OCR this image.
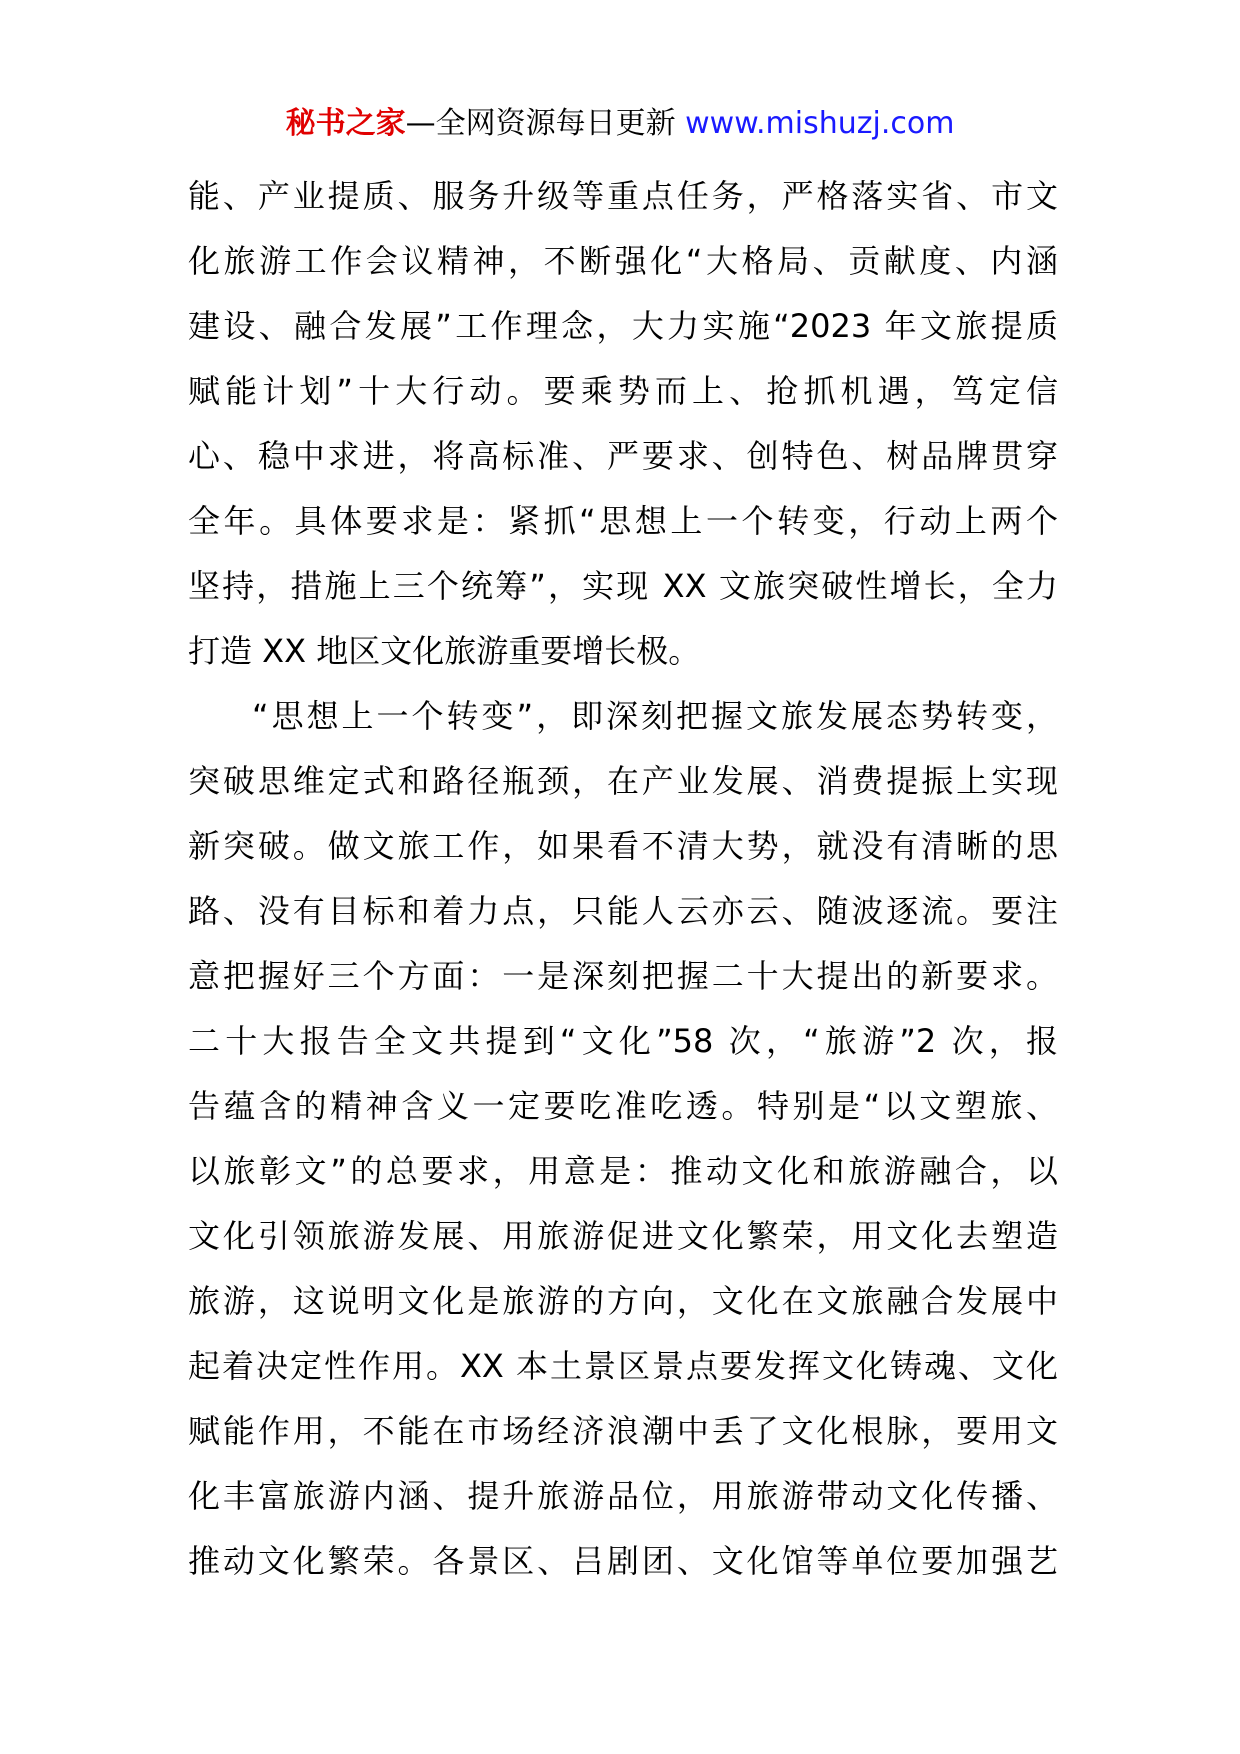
秘书之家—全网资源每日更新 www.mishuzj.com
能、产业提质、服务升级等重点任务，严格落实省、市文
化旅游工作会议精神，不断强化“大格局、贡献度、内涵
建设、融合发展”工作理念，大力实施“2023 年文旅提质
赋能计划”十大行动。要乘势而上、抢抓机遇，笃定信
心、稳中求进，将高标准、严要求、创特色、树品牌贯穿
全年。具体要求是：紧抓“思想上一个转变，行动上两个
坚持，措施上三个统筹”，实现 XX 文旅突破性增长，全力
打造 XX 地区文化旅游重要增长极。
“思想上一个转变”，即深刻把握文旅发展态势转变，
突破思维定式和路径瓶颈，在产业发展、消费提振上实现
新突破。做文旅工作，如果看不清大势，就没有清晰的思
路、没有目标和着力点，只能人云亦云、随波逐流。要注
意把握好三个方面：一是深刻把握二十大提出的新要求。
二十大报告全文共提到“文化”58 次，“旅游”2 次，报
告蕴含的精神含义一定要吃准吃透。特别是“以文塑旅、
以旅彰文”的总要求，用意是：推动文化和旅游融合，以
文化引领旅游发展、用旅游促进文化繁荣，用文化去塑造
旅游，这说明文化是旅游的方向，文化在文旅融合发展中
起着决定性作用。XX 本土景区景点要发挥文化铸魂、文化
赋能作用，不能在市场经济浪潮中丢了文化根脉，要用文
化丰富旅游内涵、提升旅游品位，用旅游带动文化传播、
推动文化繁荣。各景区、吕剧团、文化馆等单位要加强艺
